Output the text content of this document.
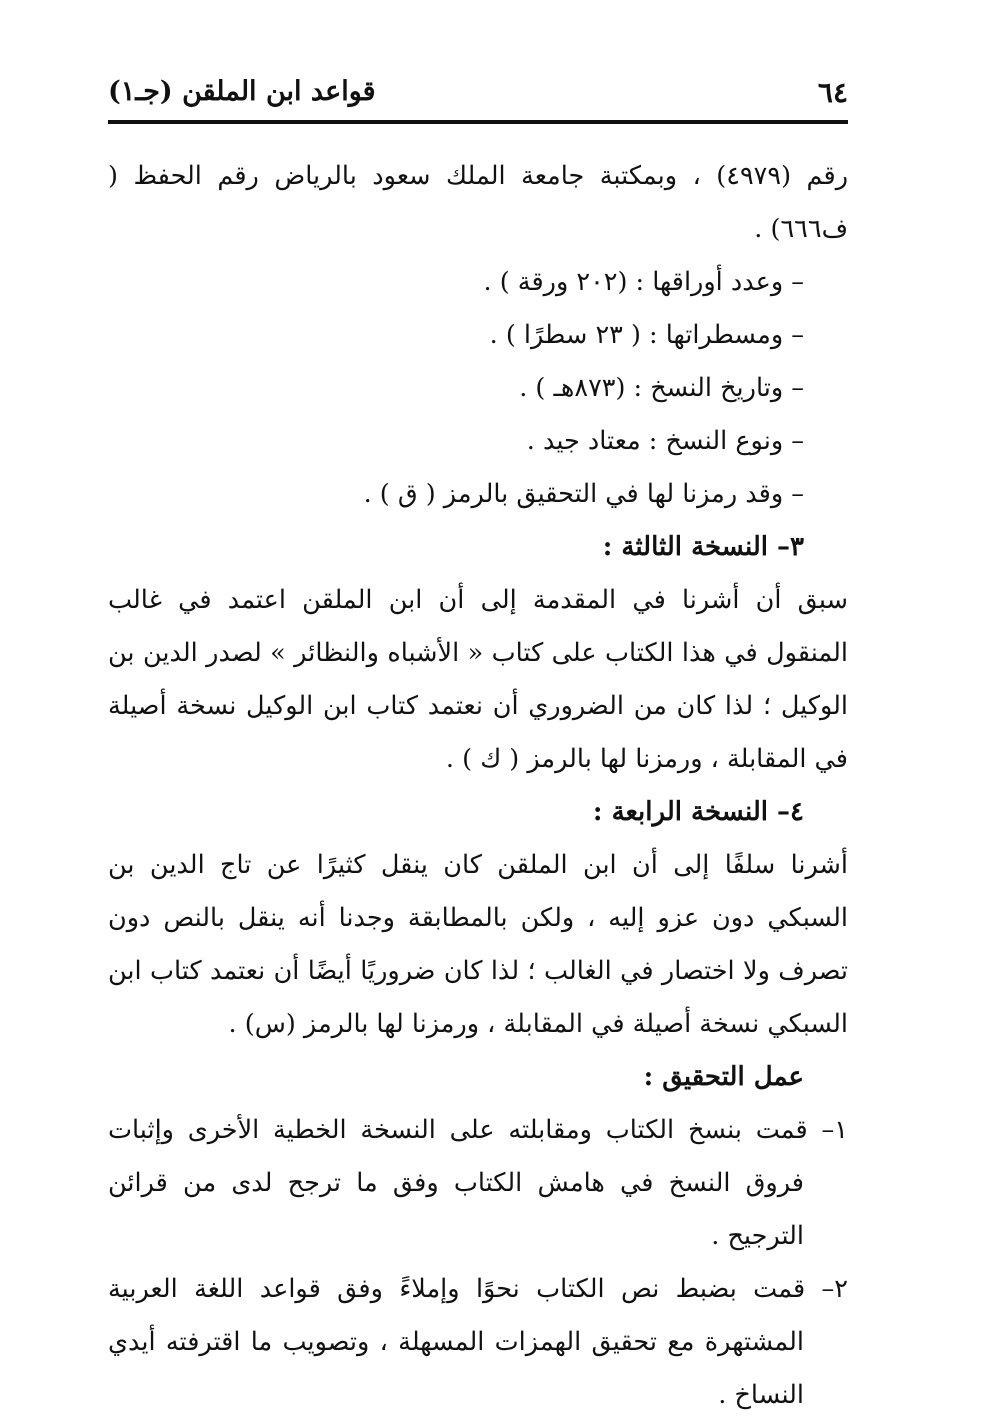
٦٤
قواعد ابن الملقن (جـ١)

رقم (٤٩٧٩) ، وبمكتبة جامعة الملك سعود بالرياض رقم الحفظ ( ف٦٦٦) .

– وعدد أوراقها : (٢٠٢ ورقة ) .

– ومسطراتها : ( ٢٣ سطرًا ) .

– وتاريخ النسخ : (٨٧٣هـ ) .

– ونوع النسخ : معتاد جيد .

– وقد رمزنا لها في التحقيق بالرمز ( ق ) .

٣– النسخة الثالثة :

سبق أن أشرنا في المقدمة إلى أن ابن الملقن اعتمد في غالب المنقول في هذا الكتاب على كتاب « الأشباه والنظائر » لصدر الدين بن الوكيل ؛ لذا كان من الضروري أن نعتمد كتاب ابن الوكيل نسخة أصيلة في المقابلة ، ورمزنا لها بالرمز ( ك ) .

٤– النسخة الرابعة :

أشرنا سلفًا إلى أن ابن الملقن كان ينقل كثيرًا عن تاج الدين بن السبكي دون عزو إليه ، ولكن بالمطابقة وجدنا أنه ينقل بالنص دون تصرف ولا اختصار في الغالب ؛ لذا كان ضروريًا أيضًا أن نعتمد كتاب ابن السبكي نسخة أصيلة في المقابلة ، ورمزنا لها بالرمز (س) .

عمل التحقيق :

١– قمت بنسخ الكتاب ومقابلته على النسخة الخطية الأخرى وإثبات فروق النسخ في هامش الكتاب وفق ما ترجح لدى من قرائن الترجيح .

٢– قمت بضبط نص الكتاب نحوًا وإملاءً وفق قواعد اللغة العربية المشتهرة مع تحقيق الهمزات المسهلة ، وتصويب ما اقترفته أيدي النساخ .
